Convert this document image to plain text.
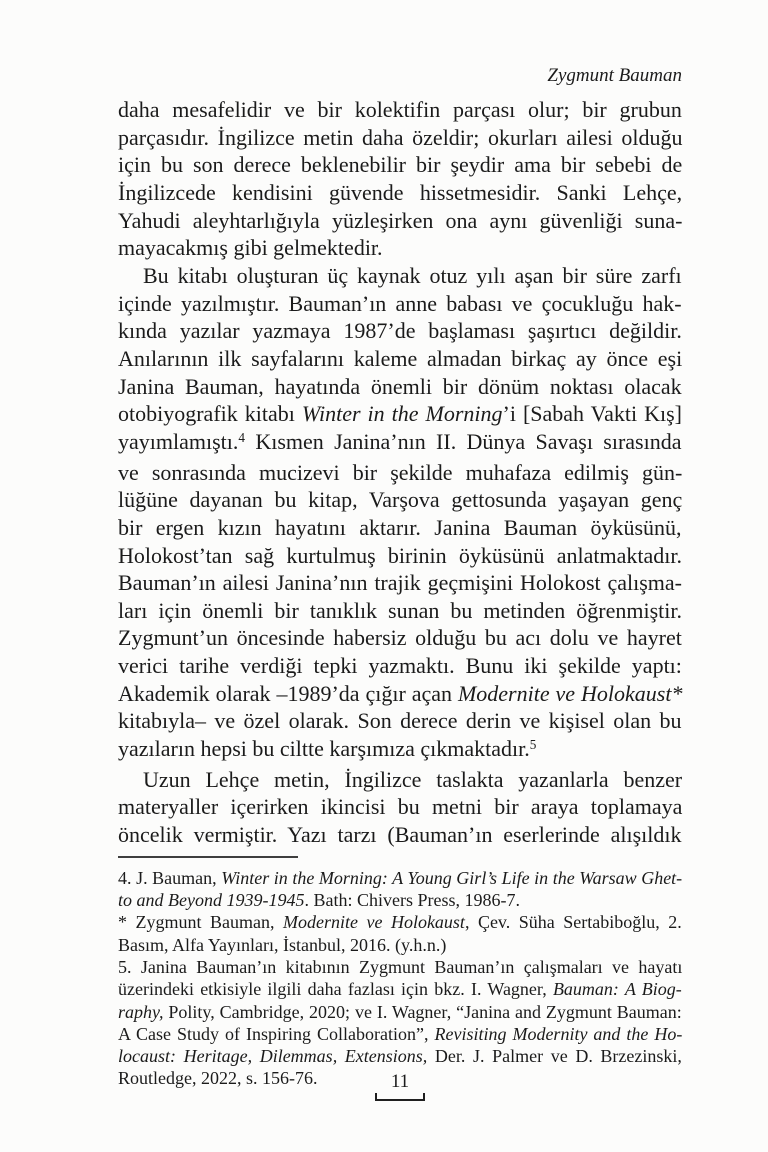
Zygmunt Bauman
daha mesafelidir ve bir kolektifin parçası olur; bir grubun
parçasıdır. İngilizce metin daha özeldir; okurları ailesi olduğu
için bu son derece beklenebilir bir şeydir ama bir sebebi de
İngilizcede kendisini güvende hissetmesidir. Sanki Lehçe,
Yahudi aleyhtarlığıyla yüzleşirken ona aynı güvenliği suna-
mayacakmış gibi gelmektedir.
Bu kitabı oluşturan üç kaynak otuz yılı aşan bir süre zarfı
içinde yazılmıştır. Bauman’ın anne babası ve çocukluğu hak-
kında yazılar yazmaya 1987’de başlaması şaşırtıcı değildir.
Anılarının ilk sayfalarını kaleme almadan birkaç ay önce eşi
Janina Bauman, hayatında önemli bir dönüm noktası olacak
otobiyografik kitabı Winter in the Morning’i [Sabah Vakti Kış]
yayımlamıştı.$^4$ Kısmen Janina’nın II. Dünya Savaşı sırasında
ve sonrasında mucizevi bir şekilde muhafaza edilmiş gün-
lüğüne dayanan bu kitap, Varşova gettosunda yaşayan genç
bir ergen kızın hayatını aktarır. Janina Bauman öyküsünü,
Holokost’tan sağ kurtulmuş birinin öyküsünü anlatmaktadır.
Bauman’ın ailesi Janina’nın trajik geçmişini Holokost çalışma-
ları için önemli bir tanıklık sunan bu metinden öğrenmiştir.
Zygmunt’un öncesinde habersiz olduğu bu acı dolu ve hayret
verici tarihe verdiği tepki yazmaktı. Bunu iki şekilde yaptı:
Akademik olarak –1989’da çığır açan Modernite ve Holokaust*
kitabıyla– ve özel olarak. Son derece derin ve kişisel olan bu
yazıların hepsi bu ciltte karşımıza çıkmaktadır.$^5$
Uzun Lehçe metin, İngilizce taslakta yazanlarla benzer
materyaller içerirken ikincisi bu metni bir araya toplamaya
öncelik vermiştir. Yazı tarzı (Bauman’ın eserlerinde alışıldık
4. J. Bauman, Winter in the Morning: A Young Girl’s Life in the Warsaw Ghet-
to and Beyond 1939-1945. Bath: Chivers Press, 1986-7.
* Zygmunt Bauman, Modernite ve Holokaust, Çev. Süha Sertabiboğlu, 2.
Basım, Alfa Yayınları, İstanbul, 2016. (y.h.n.)
5. Janina Bauman’ın kitabının Zygmunt Bauman’ın çalışmaları ve hayatı
üzerindeki etkisiyle ilgili daha fazlası için bkz. I. Wagner, Bauman: A Biog-
raphy, Polity, Cambridge, 2020; ve I. Wagner, “Janina and Zygmunt Bauman:
A Case Study of Inspiring Collaboration”, Revisiting Modernity and the Ho-
locaust: Heritage, Dilemmas, Extensions, Der. J. Palmer ve D. Brzezinski,
Routledge, 2022, s. 156-76.	11
